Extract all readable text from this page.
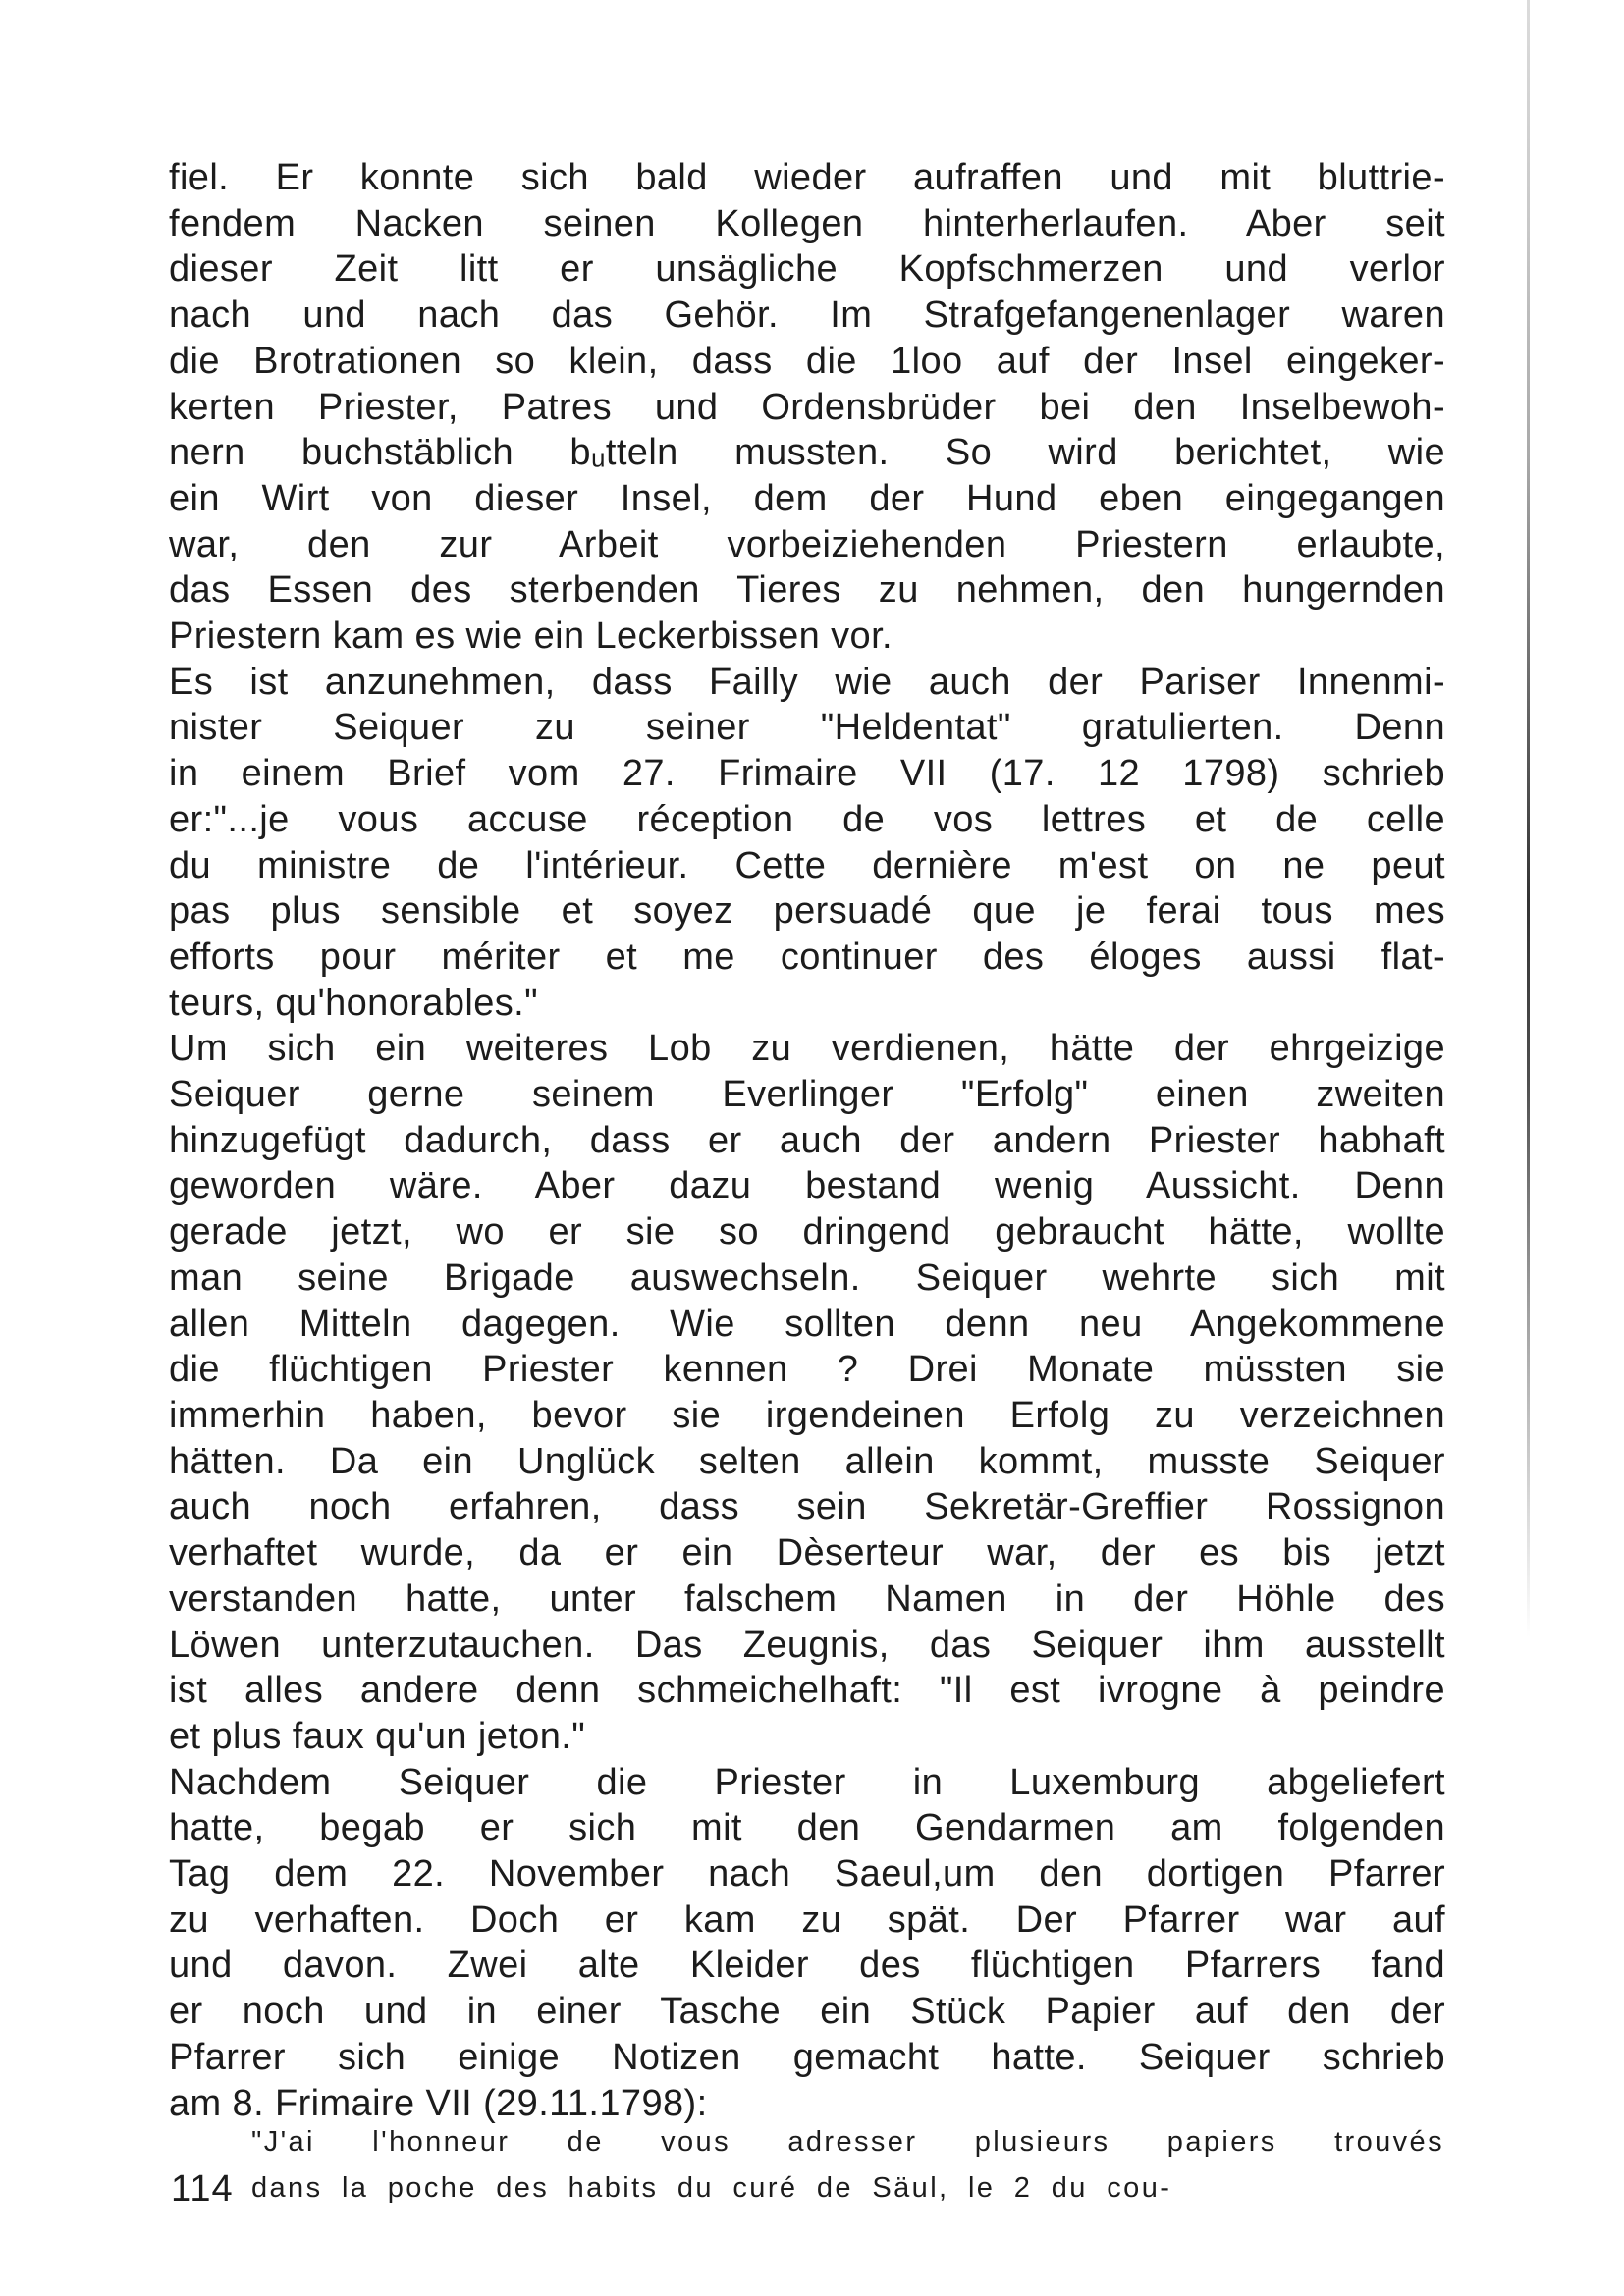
fiel. Er konnte sich bald wieder aufraffen und mit bluttrie-
fendem Nacken seinen Kollegen hinterherlaufen. Aber seit
dieser Zeit litt er unsägliche Kopfschmerzen und verlor
nach und nach das Gehör. Im Strafgefangenenlager waren
die Brotrationen so klein, dass die 1loo auf der Insel eingeker-
kerten Priester, Patres und Ordensbrüder bei den Inselbewoh-
nern buchstäblich bᵤtteln mussten. So wird berichtet, wie
ein Wirt von dieser Insel, dem der Hund eben eingegangen
war, den zur Arbeit vorbeiziehenden Priestern erlaubte,
das Essen des sterbenden Tieres zu nehmen, den hungernden
Priestern kam es wie ein Leckerbissen vor.
Es ist anzunehmen, dass Failly wie auch der Pariser Innenmi-
nister Seiquer zu seiner "Heldentat" gratulierten. Denn
in einem Brief vom 27. Frimaire VII (17. 12 1798) schrieb
er:"...je vous accuse réception de vos lettres et de celle
du ministre de l'intérieur. Cette dernière m'est on ne peut
pas plus sensible et soyez persuadé que je ferai tous mes
efforts pour mériter et me continuer des éloges aussi flat-
teurs, qu'honorables."
Um sich ein weiteres Lob zu verdienen, hätte der ehrgeizige
Seiquer gerne seinem Everlinger "Erfolg" einen zweiten
hinzugefügt dadurch, dass er auch der andern Priester habhaft
geworden wäre. Aber dazu bestand wenig Aussicht. Denn
gerade jetzt, wo er sie so dringend gebraucht hätte, wollte
man seine Brigade auswechseln. Seiquer wehrte sich mit
allen Mitteln dagegen. Wie sollten denn neu Angekommene
die flüchtigen Priester kennen ? Drei Monate müssten sie
immerhin haben, bevor sie irgendeinen Erfolg zu verzeichnen
hätten. Da ein Unglück selten allein kommt, musste Seiquer
auch noch erfahren, dass sein Sekretär-Greffier Rossignon
verhaftet wurde, da er ein Dèserteur war, der es bis jetzt
verstanden hatte, unter falschem Namen in der Höhle des
Löwen unterzutauchen. Das Zeugnis, das Seiquer ihm ausstellt
ist alles andere denn schmeichelhaft: "Il est ivrogne à peindre
et plus faux qu'un jeton."
Nachdem Seiquer die Priester in Luxemburg abgeliefert
hatte, begab er sich mit den Gendarmen am folgenden
Tag dem 22. November nach Saeul,um den dortigen Pfarrer
zu verhaften. Doch er kam zu spät. Der Pfarrer war auf
und davon. Zwei alte Kleider des flüchtigen Pfarrers fand
er noch und in einer Tasche ein Stück Papier auf den der
Pfarrer sich einige Notizen gemacht hatte. Seiquer schrieb
am 8. Frimaire VII (29.11.1798):
"J'ai l'honneur de vous adresser plusieurs papiers trouvés
dans la poche des habits du curé de Säul, le 2 du cou-
114
